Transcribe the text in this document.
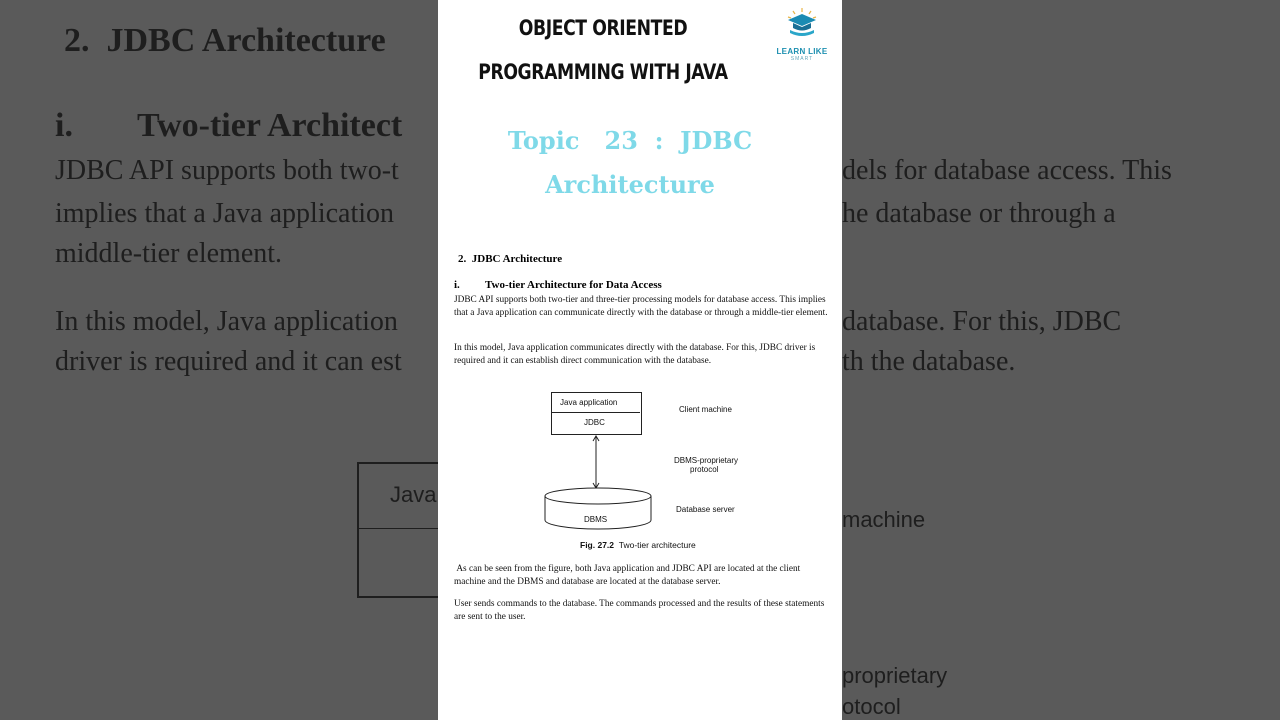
2. JDBC Architecture
i. Two-tier Architect
JDBC API supports both two-t
implies that a Java application
middle-tier element.
dels for database access. This
he database or through a
In this model, Java application
driver is required and it can est
database. For this, JDBC
th the database.
Java
machine
proprietary
otocol
OBJECT ORIENTED
PROGRAMMING WITH JAVA
LEARN LIKE
SMART
Topic   23  :  JDBC
Architecture
2.  JDBC Architecture
i. Two-tier Architecture for Data Access
JDBC API supports both two-tier and three-tier processing models for database access. This implies that a Java application can communicate directly with the database or through a middle-tier element.
In this model, Java application communicates directly with the database. For this, JDBC driver is required and it can establish direct communication with the database.
Java application
JDBC
Client machine
DBMS-proprietary
protocol
DBMS
Database server
Fig. 27.2 Two-tier architecture
As can be seen from the figure, both Java application and JDBC API are located at the client machine and the DBMS and database are located at the database server.
User sends commands to the database. The commands processed and the results of these statements are sent to the user.
